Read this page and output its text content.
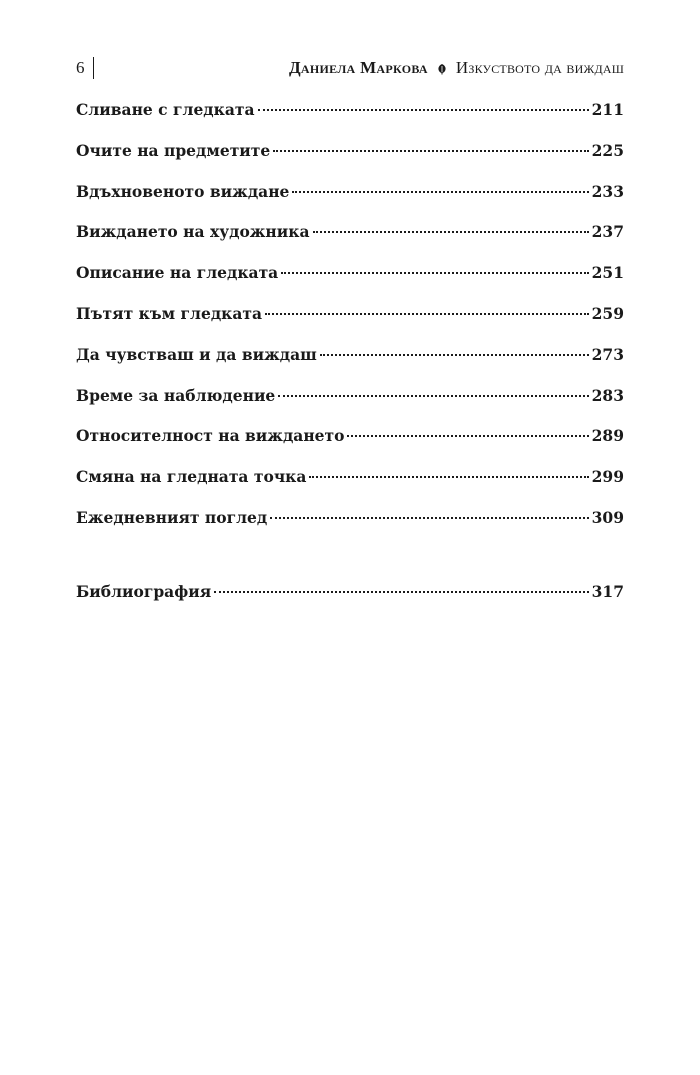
6	Даниела Маркова Изкуството да виждаш
Сливане с гледката	211
Очите на предметите	225
Вдъхновеното виждане	233
Виждането на художника	237
Описание на гледката	251
Пътят към гледката	259
Да чувстваш и да виждаш	273
Време за наблюдение	283
Относителност на виждането	289
Смяна на гледната точка	299
Ежедневният поглед	309
Библиография	317
